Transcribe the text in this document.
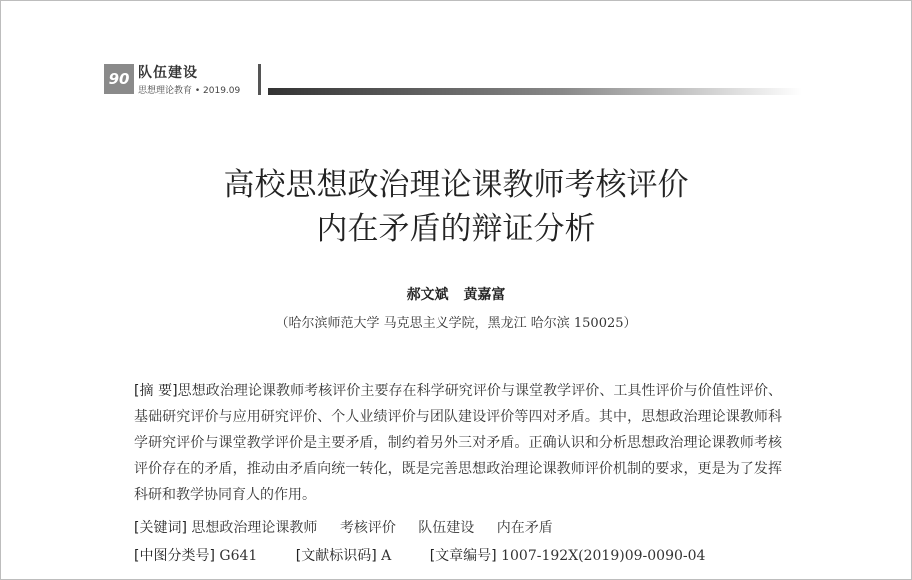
90 队伍建设
思想理论教育 • 2019.09
高校思想政治理论课教师考核评价
内在矛盾的辩证分析
郝文斌 黄嘉富
（哈尔滨师范大学 马克思主义学院，黑龙江 哈尔滨 150025）
[摘 要]思想政治理论课教师考核评价主要存在科学研究评价与课堂教学评价、工具性评价与价值性评价、基础研究评价与应用研究评价、个人业绩评价与团队建设评价等四对矛盾。其中，思想政治理论课教师科学研究评价与课堂教学评价是主要矛盾，制约着另外三对矛盾。正确认识和分析思想政治理论课教师考核评价存在的矛盾，推动由矛盾向统一转化，既是完善思想政治理论课教师评价机制的要求，更是为了发挥科研和教学协同育人的作用。
[关键词] 思想政治理论课教师 考核评价 队伍建设 内在矛盾
[中图分类号] G641	[文献标识码] A	[文章编号] 1007-192X(2019)09-0090-04
